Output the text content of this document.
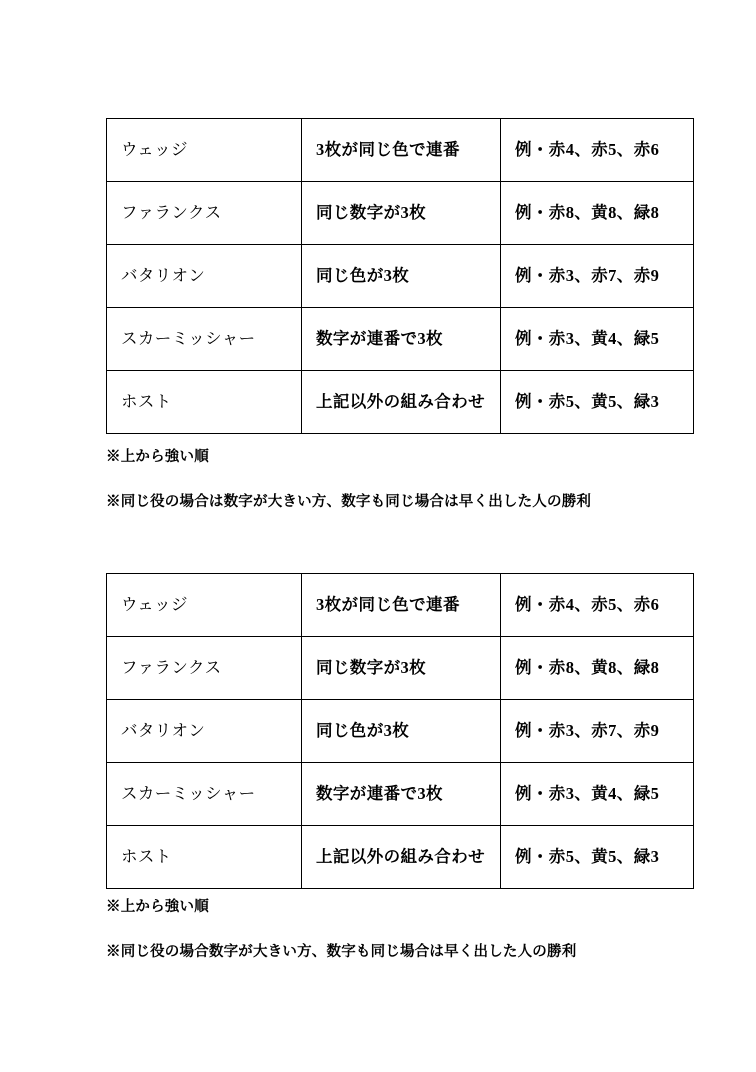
ウェッジ	3枚が同じ色で連番	例・赤4、赤5、赤6
ファランクス	同じ数字が3枚	例・赤8、黄8、緑8
バタリオン	同じ色が3枚	例・赤3、赤7、赤9
スカーミッシャー	数字が連番で3枚	例・赤3、黄4、緑5
ホスト	上記以外の組み合わせ	例・赤5、黄5、緑3
※上から強い順
※同じ役の場合は数字が大きい方、数字も同じ場合は早く出した人の勝利
ウェッジ	3枚が同じ色で連番	例・赤4、赤5、赤6
ファランクス	同じ数字が3枚	例・赤8、黄8、緑8
バタリオン	同じ色が3枚	例・赤3、赤7、赤9
スカーミッシャー	数字が連番で3枚	例・赤3、黄4、緑5
ホスト	上記以外の組み合わせ	例・赤5、黄5、緑3
※上から強い順
※同じ役の場合数字が大きい方、数字も同じ場合は早く出した人の勝利
